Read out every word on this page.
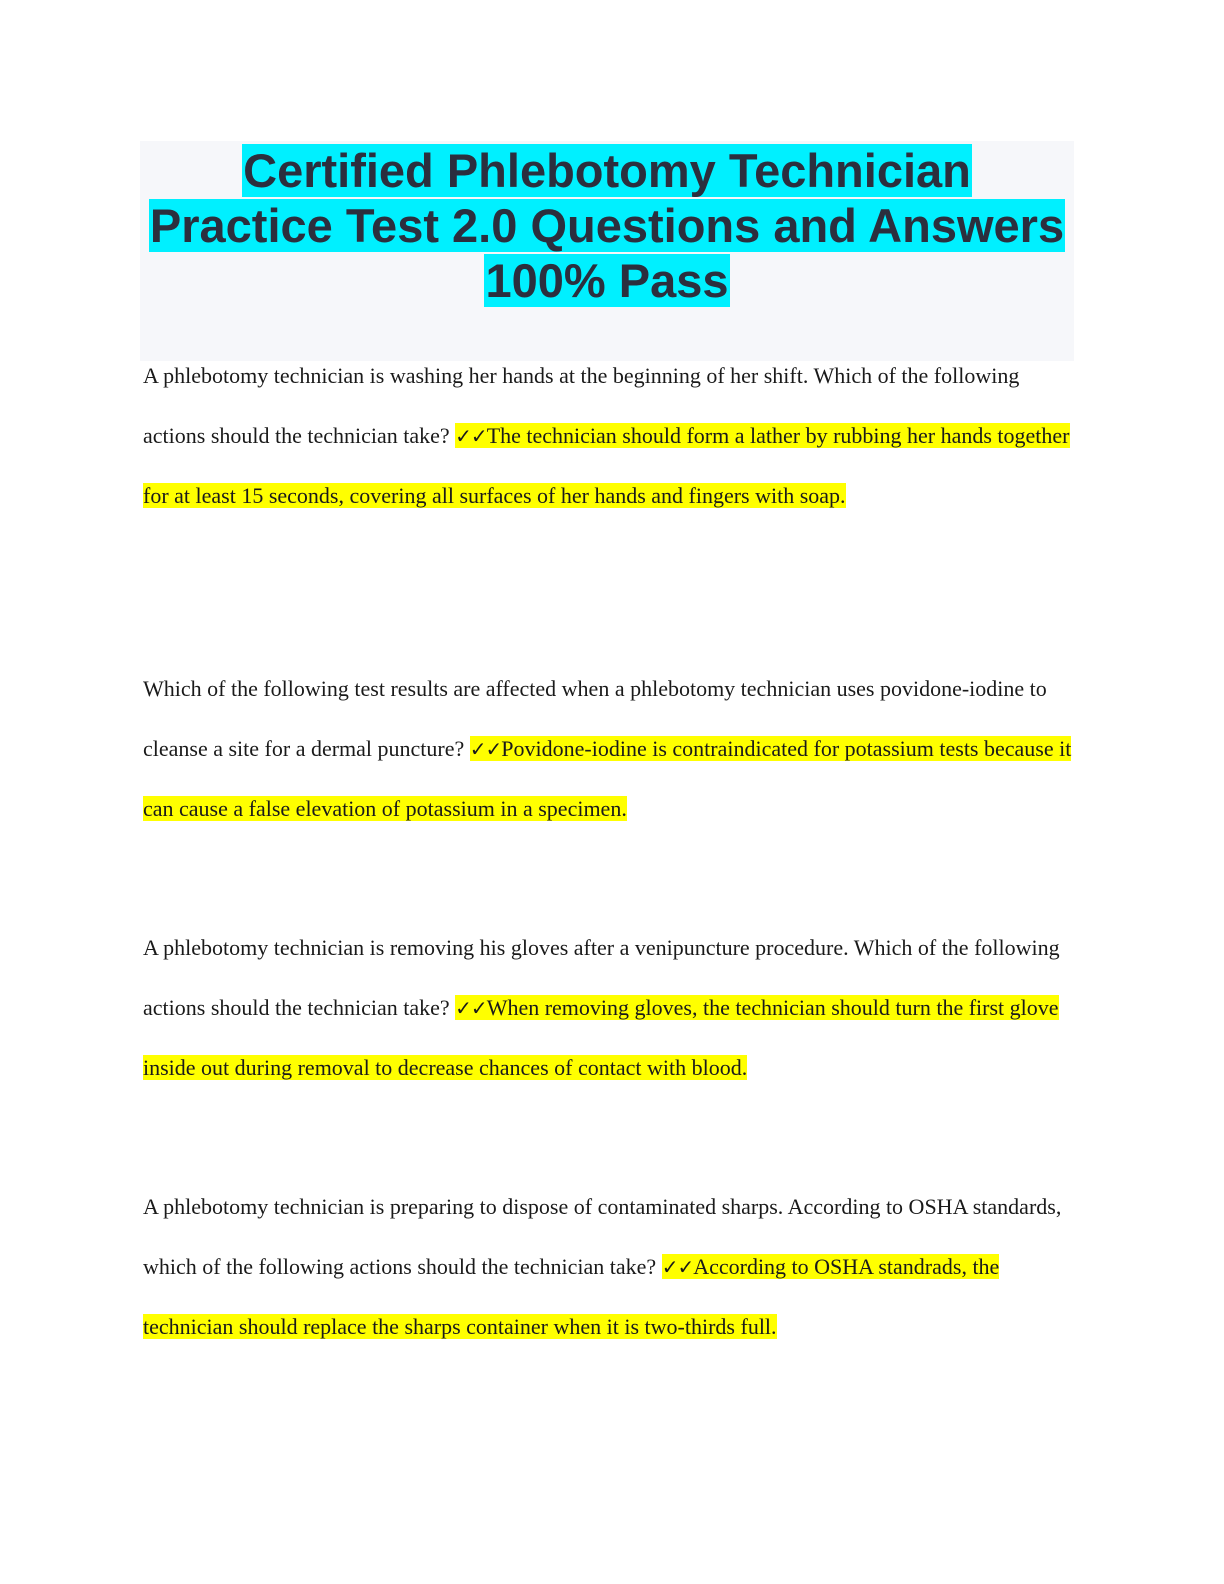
Certified Phlebotomy Technician
Practice Test 2.0 Questions and Answers
100% Pass
A phlebotomy technician is washing her hands at the beginning of her shift. Which of the following actions should the technician take? ✓✓The technician should form a lather by rubbing her hands together for at least 15 seconds, covering all surfaces of her hands and fingers with soap.
Which of the following test results are affected when a phlebotomy technician uses povidone-iodine to cleanse a site for a dermal puncture? ✓✓Povidone-iodine is contraindicated for potassium tests because it can cause a false elevation of potassium in a specimen.
A phlebotomy technician is removing his gloves after a venipuncture procedure. Which of the following actions should the technician take? ✓✓When removing gloves, the technician should turn the first glove inside out during removal to decrease chances of contact with blood.
A phlebotomy technician is preparing to dispose of contaminated sharps. According to OSHA standards, which of the following actions should the technician take? ✓✓According to OSHA standrads, the technician should replace the sharps container when it is two-thirds full.
